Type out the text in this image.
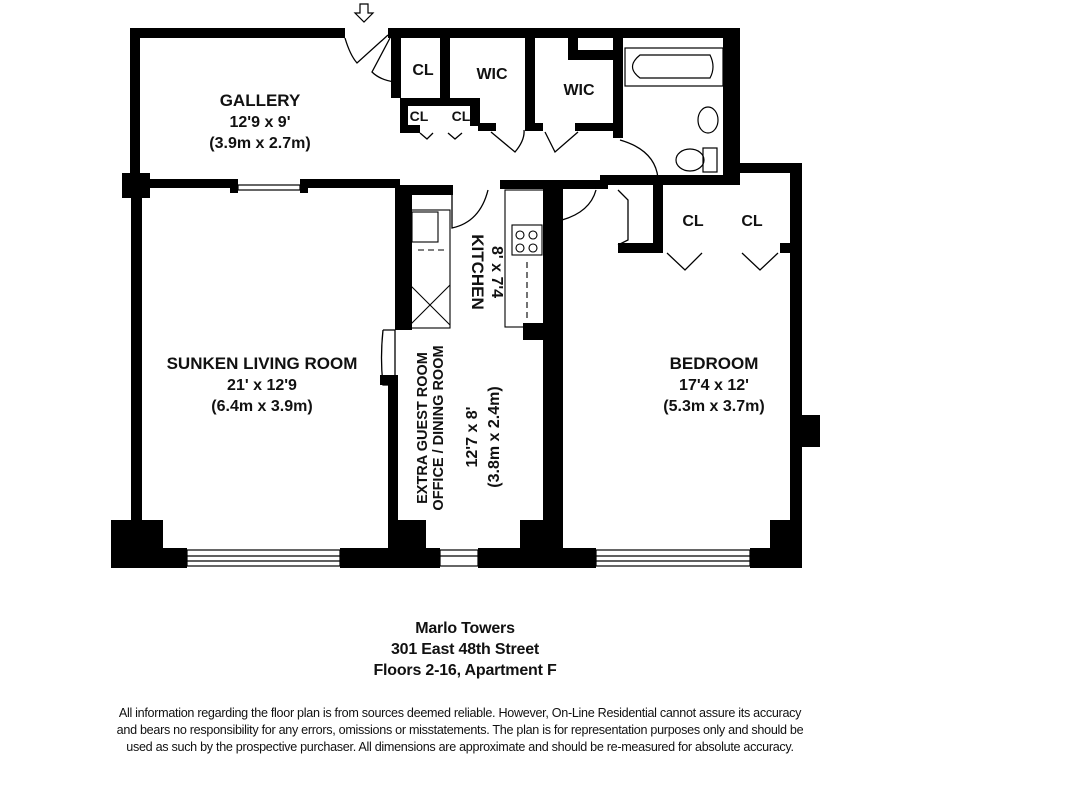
GALLERY
12'9 x 9'
(3.9m x 2.7m)
SUNKEN LIVING ROOM
21' x 12'9
(6.4m x 3.9m)
BEDROOM
17'4 x 12'
(5.3m x 3.7m)
KITCHEN 8' x 7'4
EXTRA GUEST ROOM OFFICE / DINING ROOM 12'7 x 8' (3.8m x 2.4m)
CL
CL CL
WIC
WIC
CL CL
Marlo Towers
301 East 48th Street
Floors 2-16, Apartment F
All information regarding the floor plan is from sources deemed reliable. However, On-Line Residential cannot assure its accuracy
and bears no responsibility for any errors, omissions or misstatements. The plan is for representation purposes only and should be
used as such by the prospective purchaser. All dimensions are approximate and should be re-measured for absolute accuracy.
